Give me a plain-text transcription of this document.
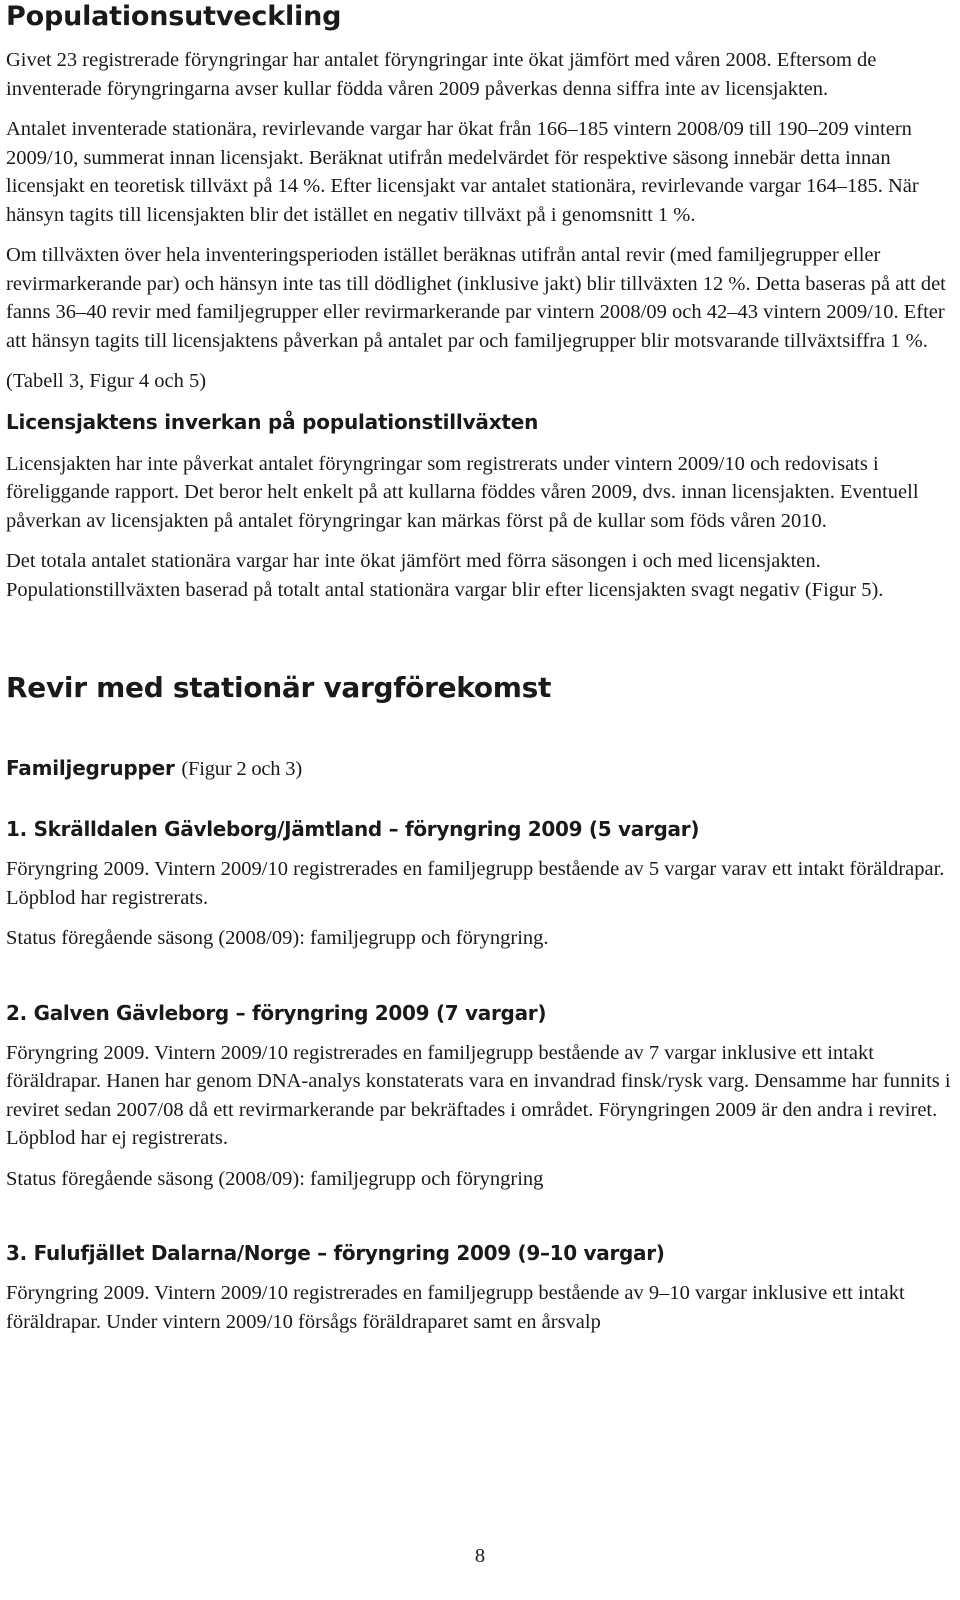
Populationsutveckling

Givet 23 registrerade föryngringar har antalet föryngringar inte ökat jämfört med våren 2008. Eftersom de inventerade föryngringarna avser kullar födda våren 2009 påverkas denna siffra inte av licensjakten.

Antalet inventerade stationära, revirlevande vargar har ökat från 166–185 vintern 2008/09 till 190–209 vintern 2009/10, summerat innan licensjakt. Beräknat utifrån medelvärdet för respektive säsong innebär detta innan licensjakt en teoretisk tillväxt på 14 %. Efter licensjakt var antalet stationära, revirlevande vargar 164–185. När hänsyn tagits till licensjakten blir det istället en negativ tillväxt på i genomsnitt 1 %.

Om tillväxten över hela inventeringsperioden istället beräknas utifrån antal revir (med familjegrupper eller revirmarkerande par) och hänsyn inte tas till dödlighet (inklusive jakt) blir tillväxten 12 %. Detta baseras på att det fanns 36–40 revir med familjegrupper eller revirmarkerande par vintern 2008/09 och 42–43 vintern 2009/10. Efter att hänsyn tagits till licensjaktens påverkan på antalet par och familjegrupper blir motsvarande tillväxtsiffra 1 %.

(Tabell 3, Figur 4 och 5)

Licensjaktens inverkan på populationstillväxten

Licensjakten har inte påverkat antalet föryngringar som registrerats under vintern 2009/10 och redovisats i föreliggande rapport. Det beror helt enkelt på att kullarna föddes våren 2009, dvs. innan licensjakten. Eventuell påverkan av licensjakten på antalet föryngringar kan märkas först på de kullar som föds våren 2010.

Det totala antalet stationära vargar har inte ökat jämfört med förra säsongen i och med licensjakten. Populationstillväxten baserad på totalt antal stationära vargar blir efter licensjakten svagt negativ (Figur 5).

Revir med stationär vargförekomst
Familjegrupper (Figur 2 och 3)
1. Skrälldalen Gävleborg/Jämtland – föryngring 2009 (5 vargar)

Föryngring 2009. Vintern 2009/10 registrerades en familjegrupp bestående av 5 vargar varav ett intakt föräldrapar. Löpblod har registrerats.

Status föregående säsong (2008/09): familjegrupp och föryngring.

2. Galven Gävleborg – föryngring 2009 (7 vargar)

Föryngring 2009. Vintern 2009/10 registrerades en familjegrupp bestående av 7 vargar inklusive ett intakt föräldrapar. Hanen har genom DNA-analys konstaterats vara en invandrad finsk/rysk varg. Densamme har funnits i reviret sedan 2007/08 då ett revirmarkerande par bekräftades i området. Föryngringen 2009 är den andra i reviret. Löpblod har ej registrerats.

Status föregående säsong (2008/09): familjegrupp och föryngring

3. Fulufjället Dalarna/Norge – föryngring 2009 (9–10 vargar)

Föryngring 2009. Vintern 2009/10 registrerades en familjegrupp bestående av 9–10 vargar inklusive ett intakt föräldrapar. Under vintern 2009/10 försågs föräldraparet samt en årsvalp

8
